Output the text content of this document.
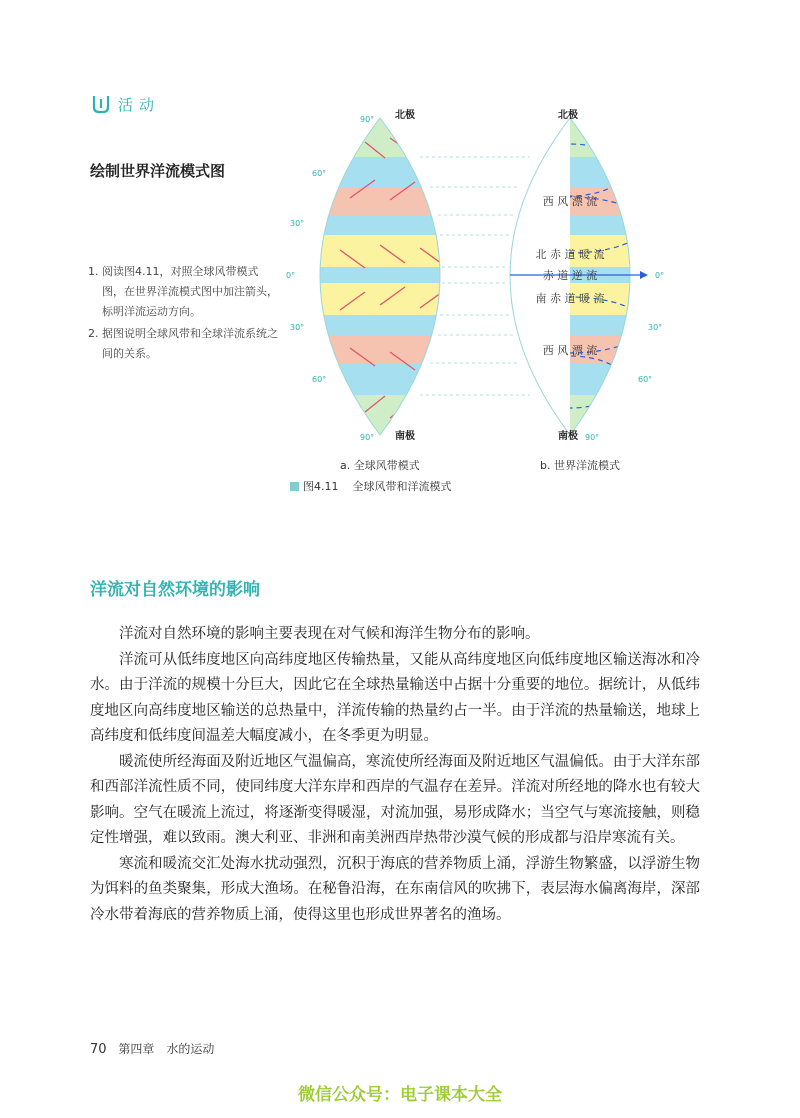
活动
绘制世界洋流模式图
1. 阅读图4.11，对照全球风带模式图，在世界洋流模式图中加注箭头，标明洋流运动方向。
2. 据图说明全球风带和全球洋流系统之间的关系。
90°
60°
30°
0°
30°
60°
90°
0°
30°
60°
90°
北极	北极
南极	南极
西 风 漂 流
北 赤 道 暖 流
赤 道 逆 流
南 赤 道 暖 流
西 风 漂 流
a. 全球风带模式	b. 世界洋流模式
图4.11 全球风带和洋流模式
洋流对自然环境的影响

洋流对自然环境的影响主要表现在对气候和海洋生物分布的影响。

洋流可从低纬度地区向高纬度地区传输热量，又能从高纬度地区向低纬度地区输送海冰和冷水。由于洋流的规模十分巨大，因此它在全球热量输送中占据十分重要的地位。据统计，从低纬度地区向高纬度地区输送的总热量中，洋流传输的热量约占一半。由于洋流的热量输送，地球上高纬度和低纬度间温差大幅度减小，在冬季更为明显。

暖流使所经海面及附近地区气温偏高，寒流使所经海面及附近地区气温偏低。由于大洋东部和西部洋流性质不同，使同纬度大洋东岸和西岸的气温存在差异。洋流对所经地的降水也有较大影响。空气在暖流上流过，将逐渐变得暖湿，对流加强，易形成降水；当空气与寒流接触，则稳定性增强，难以致雨。澳大利亚、非洲和南美洲西岸热带沙漠气候的形成都与沿岸寒流有关。

寒流和暖流交汇处海水扰动强烈，沉积于海底的营养物质上涌，浮游生物繁盛，以浮游生物为饵料的鱼类聚集，形成大渔场。在秘鲁沿海，在东南信风的吹拂下，表层海水偏离海岸，深部冷水带着海底的营养物质上涌，使得这里也形成世界著名的渔场。

70 第四章　水的运动
微信公众号：电子课本大全
